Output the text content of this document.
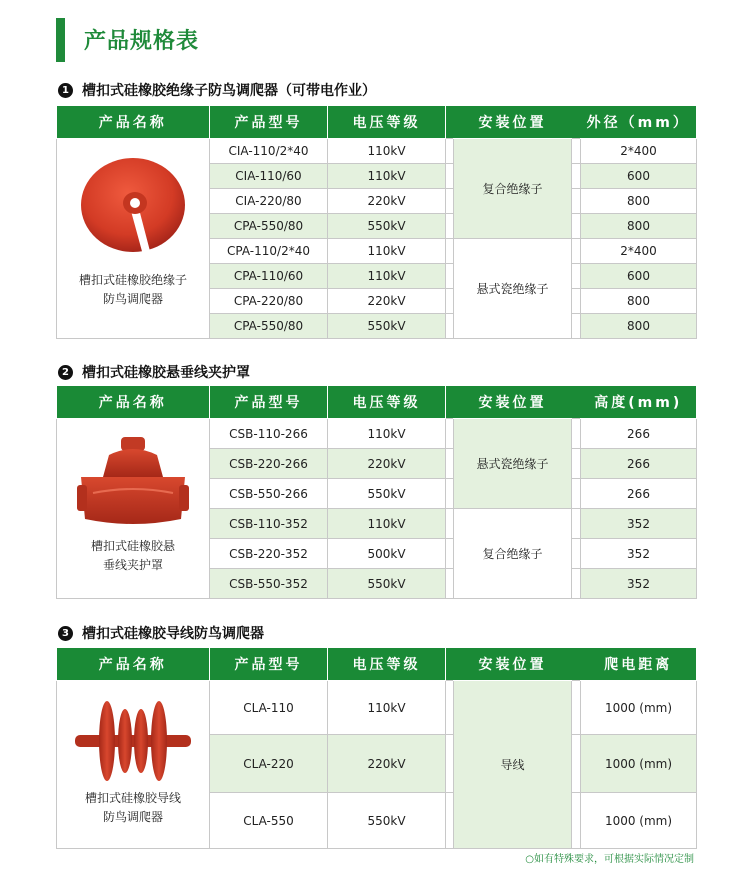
产品规格表
1 槽扣式硅橡胶绝缘子防鸟调爬器（可带电作业）
产品名称	产品型号	电压等级		安装位置		外径（mm）

槽扣式硅橡胶绝缘子
防鸟调爬器	CIA-110/2*40	110kV		复合绝缘子		2*400
	CIA-110/60	110kV				600
	CIA-220/80	220kV				800
	CPA-550/80	550kV				800
	CPA-110/2*40	110kV		悬式瓷绝缘子		2*400
	CPA-110/60	110kV				600
	CPA-220/80	220kV				800
	CPA-550/80	550kV				800
2 槽扣式硅橡胶悬垂线夹护罩
产品名称	产品型号	电压等级		安装位置		高度(mm)

槽扣式硅橡胶悬
垂线夹护罩	CSB-110-266	110kV		悬式瓷绝缘子		266
	CSB-220-266	220kV				266
	CSB-550-266	550kV				266
	CSB-110-352	110kV		复合绝缘子		352
	CSB-220-352	500kV				352
	CSB-550-352	550kV				352
3 槽扣式硅橡胶导线防鸟调爬器
产品名称	产品型号	电压等级		安装位置		爬电距离

槽扣式硅橡胶导线
防鸟调爬器	CLA-110	110kV		导线		1000 (mm)
	CLA-220	220kV				1000 (mm)
	CLA-550	550kV				1000 (mm)
○如有特殊要求，可根据实际情况定制
